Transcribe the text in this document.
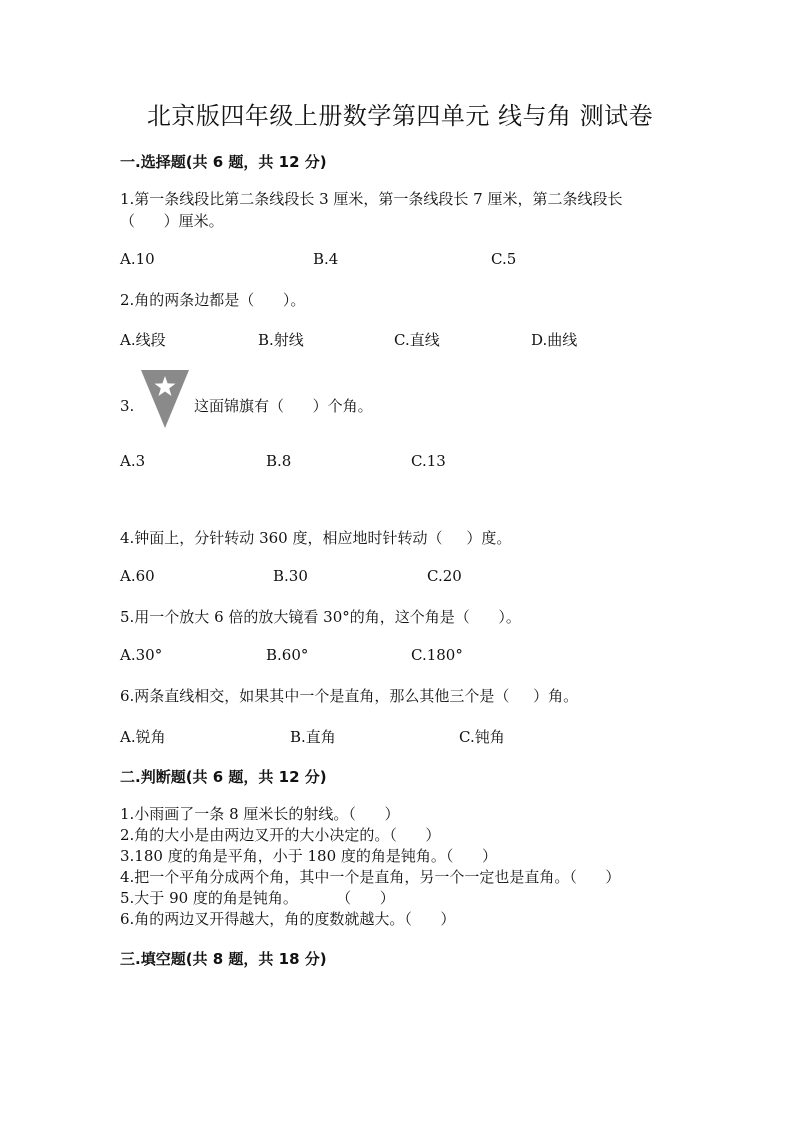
北京版四年级上册数学第四单元 线与角 测试卷
一.选择题(共 6 题，共 12 分)
1.第一条线段比第二条线段长 3 厘米，第一条线段长 7 厘米，第二条线段长
（      ）厘米。
A.10	B.4	C.5
2.角的两条边都是（      ）。
A.线段	B.射线	C.直线	D.曲线
3.	这面锦旗有（      ）个角。
A.3	B.8	C.13
4.钟面上，分针转动 360 度，相应地时针转动（     ）度。
A.60	B.30	C.20
5.用一个放大 6 倍的放大镜看 30°的角，这个角是（      ）。
A.30°	B.60°	C.180°
6.两条直线相交，如果其中一个是直角，那么其他三个是（     ）角。
A.锐角	B.直角	C.钝角
二.判断题(共 6 题，共 12 分)
1.小雨画了一条 8 厘米长的射线。（      ）
2.角的大小是由两边叉开的大小决定的。（      ）
3.180 度的角是平角，小于 180 度的角是钝角。（      ）
4.把一个平角分成两个角，其中一个是直角，另一个一定也是直角。（      ）
5.大于 90 度的角是钝角。        （      ）
6.角的两边叉开得越大，角的度数就越大。（      ）
三.填空题(共 8 题，共 18 分)
